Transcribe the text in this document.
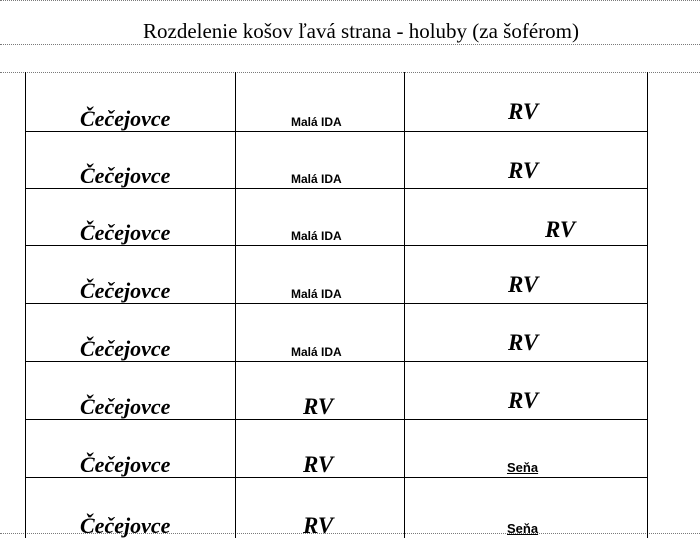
Rozdelenie košov ľavá strana - holuby (za šoférom)
Čečejovce	Malá IDA	RV
Čečejovce	Malá IDA	RV
Čečejovce	Malá IDA	RV
Čečejovce	Malá IDA	RV
Čečejovce	Malá IDA	RV
Čečejovce	RV	RV
Čečejovce	RV	Seňa
Čečejovce	RV	Seňa
